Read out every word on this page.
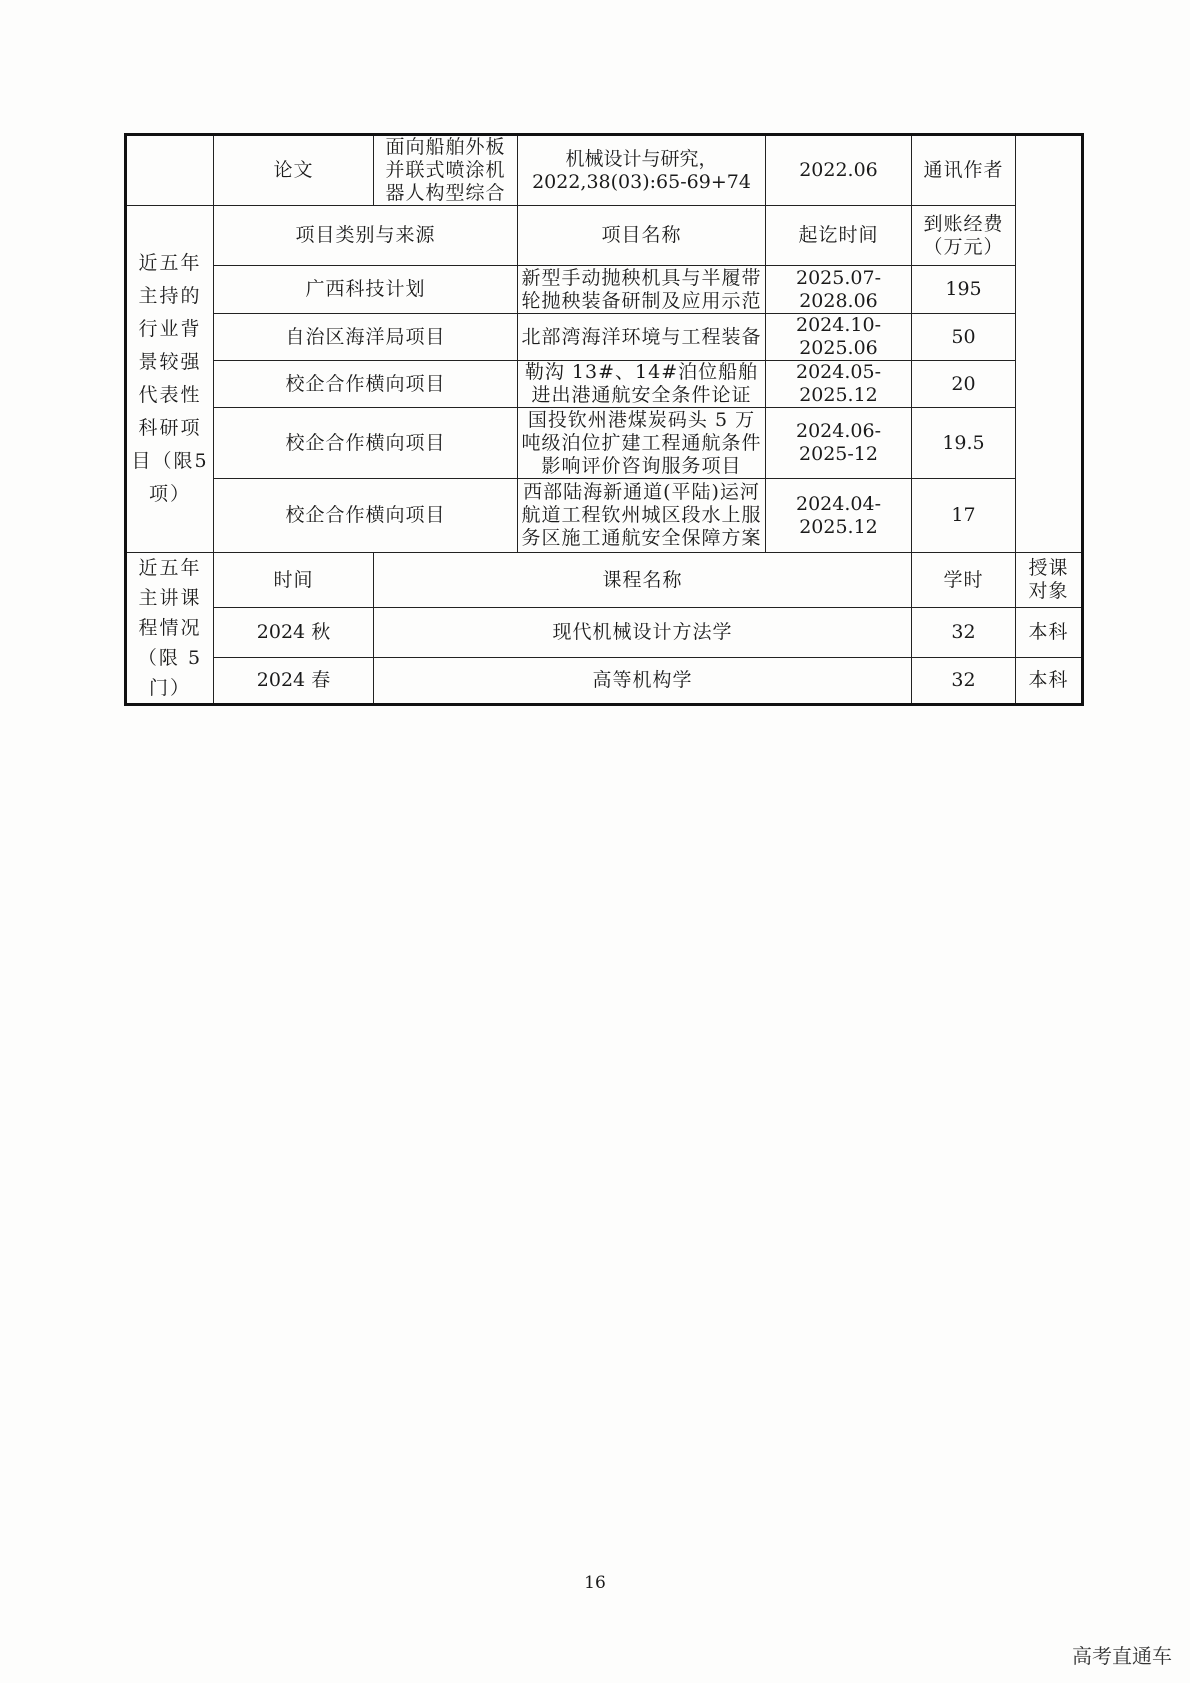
	论文	面向船舶外板并联式喷涂机器人构型综合	机械设计与研究，2022,38(03):65-69+74	2022.06	通讯作者	
近五年主持的行业背景较强代表性科研项目（限5项）	项目类别与来源		项目名称	起讫时间	到账经费（万元）	
	广西科技计划		新型手动抛秧机具与半履带轮抛秧装备研制及应用示范	2025.07-2028.06	195	
	自治区海洋局项目		北部湾海洋环境与工程装备	2024.10-2025.06	50	
	校企合作横向项目		勒沟 13#、14#泊位船舶进出港通航安全条件论证	2024.05-2025.12	20	
	校企合作横向项目		国投钦州港煤炭码头 5 万吨级泊位扩建工程通航条件影响评价咨询服务项目	2024.06-2025-12	19.5	
	校企合作横向项目		西部陆海新通道(平陆)运河航道工程钦州城区段水上服务区施工通航安全保障方案	2024.04-2025.12	17	
近五年主讲课程情况（限 5 门）	时间	课程名称			学时	授课对象
	2024 秋	现代机械设计方法学			32	本科
	2024 春	高等机构学			32	本科
16
高考直通车
